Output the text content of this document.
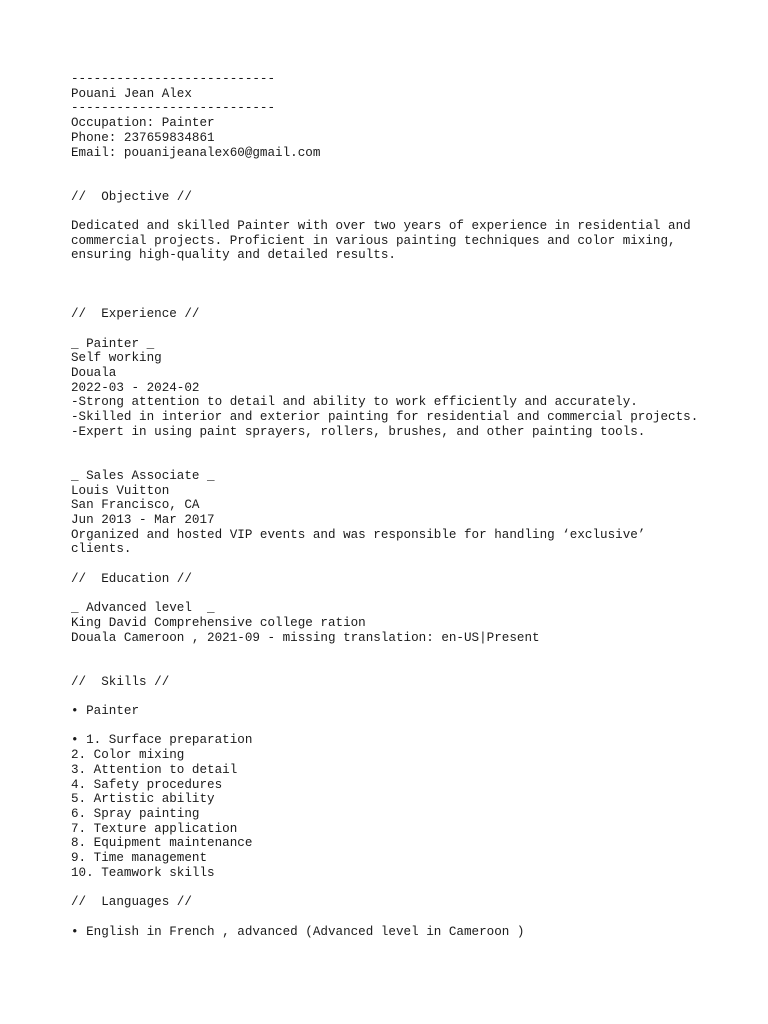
---------------------------
Pouani Jean Alex
---------------------------
Occupation: Painter
Phone: 237659834861
Email: pouanijeanalex60@gmail.com
//  Objective //
Dedicated and skilled Painter with over two years of experience in residential and
commercial projects. Proficient in various painting techniques and color mixing,
ensuring high-quality and detailed results.
//  Experience //
_ Painter _
Self working
Douala
2022-03 - 2024-02
-Strong attention to detail and ability to work efficiently and accurately.
-Skilled in interior and exterior painting for residential and commercial projects.
-Expert in using paint sprayers, rollers, brushes, and other painting tools.
_ Sales Associate _
Louis Vuitton
San Francisco, CA
Jun 2013 - Mar 2017
Organized and hosted VIP events and was responsible for handling ‘exclusive’
clients.
//  Education //
_ Advanced level  _
King David Comprehensive college ration
Douala Cameroon , 2021-09 - missing translation: en-US|Present
//  Skills //
• Painter
• 1. Surface preparation
2. Color mixing
3. Attention to detail
4. Safety procedures
5. Artistic ability
6. Spray painting
7. Texture application
8. Equipment maintenance
9. Time management
10. Teamwork skills
//  Languages //
• English in French , advanced (Advanced level in Cameroon )
